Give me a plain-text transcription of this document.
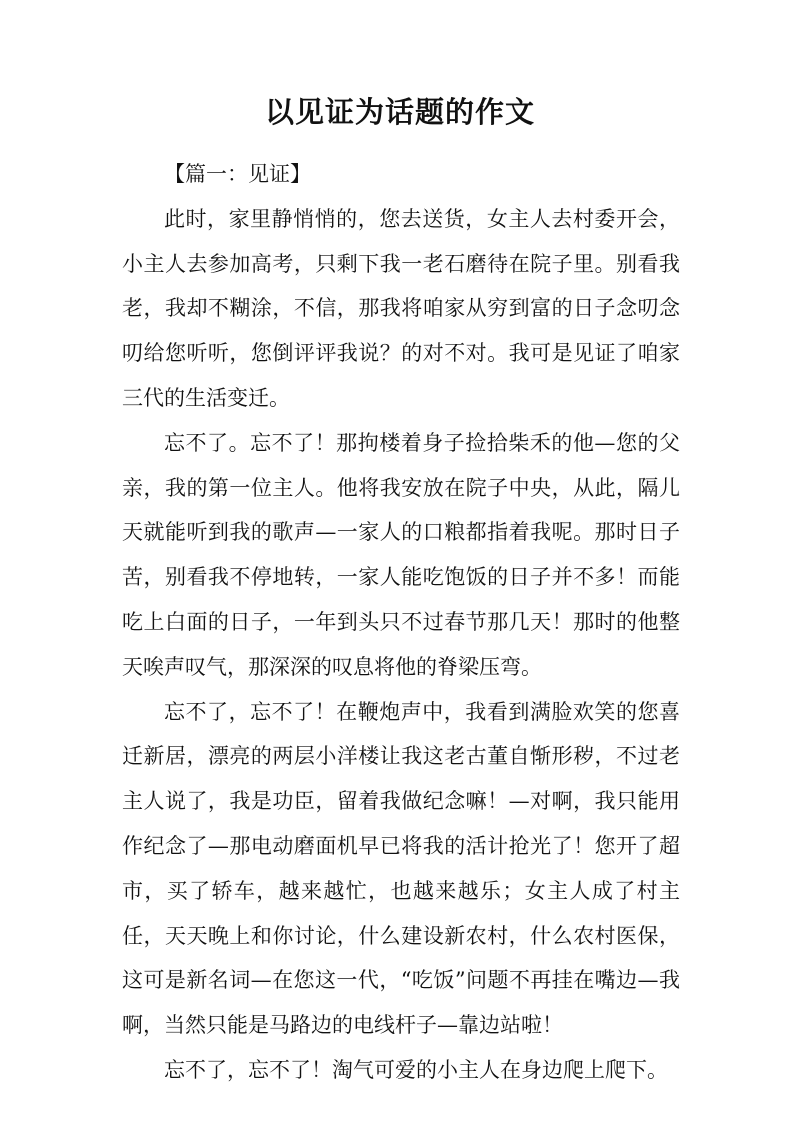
以见证为话题的作文

【篇一：见证】

此时，家里静悄悄的，您去送货，女主人去村委开会，小主人去参加高考，只剩下我一老石磨待在院子里。别看我老，我却不糊涂，不信，那我将咱家从穷到富的日子念叨念叨给您听听，您倒评评我说？的对不对。我可是见证了咱家三代的生活变迁。

忘不了。忘不了！那拘楼着身子捡拾柴禾的他—您的父亲，我的第一位主人。他将我安放在院子中央，从此，隔儿天就能听到我的歌声—一家人的口粮都指着我呢。那时日子苦，别看我不停地转，一家人能吃饱饭的日子并不多！而能吃上白面的日子，一年到头只不过春节那几天！那时的他整天唉声叹气，那深深的叹息将他的脊梁压弯。

忘不了，忘不了！在鞭炮声中，我看到满脸欢笑的您喜迁新居，漂亮的两层小洋楼让我这老古董自惭形秽，不过老主人说了，我是功臣，留着我做纪念嘛！—对啊，我只能用作纪念了—那电动磨面机早已将我的活计抢光了！您开了超市，买了轿车，越来越忙，也越来越乐；女主人成了村主任，天天晚上和你讨论，什么建设新农村，什么农村医保，这可是新名词—在您这一代，“吃饭”问题不再挂在嘴边—我啊，当然只能是马路边的电线杆子—靠边站啦！

忘不了，忘不了！淘气可爱的小主人在身边爬上爬下。
